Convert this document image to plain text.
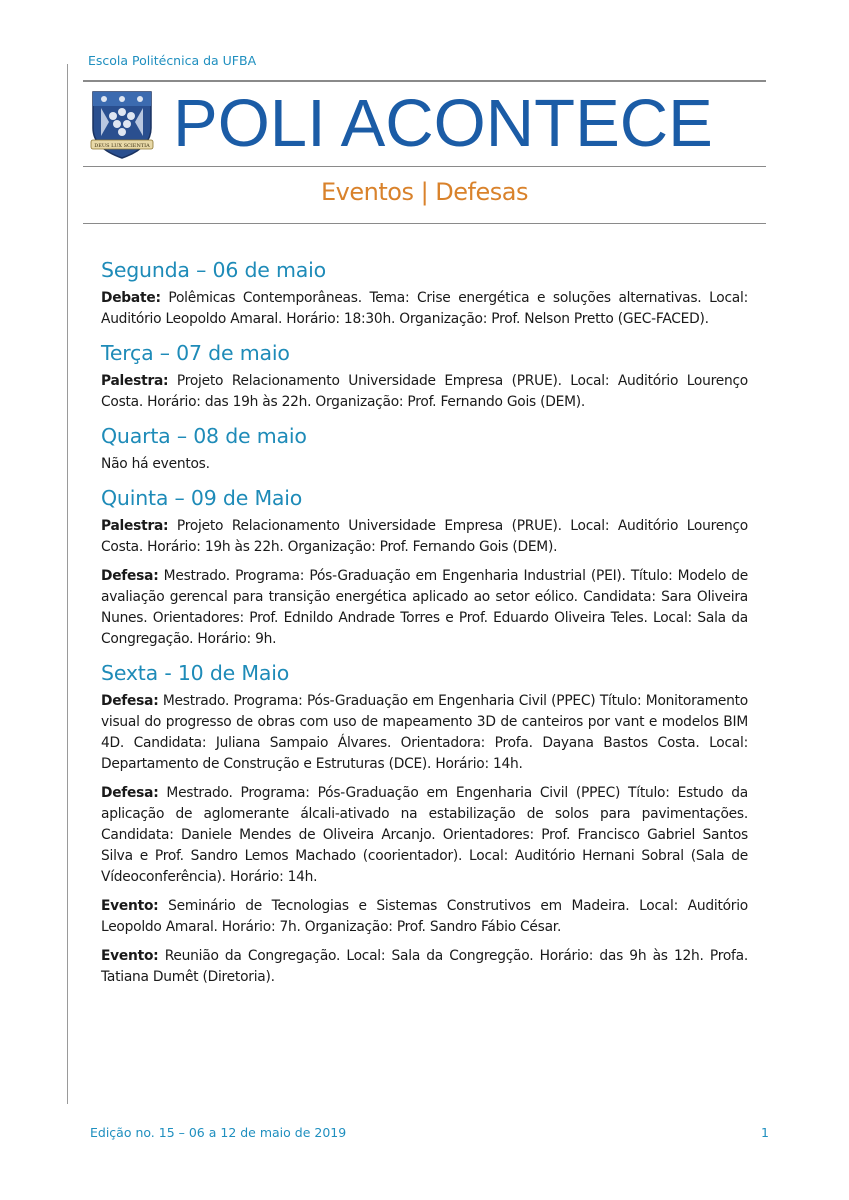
Escola Politécnica da UFBA
DEUS LUX SCIENTIA POLI ACONTECE
Eventos | Defesas
Segunda – 06 de maio

Debate: Polêmicas Contemporâneas. Tema: Crise energética e soluções alternativas. Local: Auditório Leopoldo Amaral. Horário: 18:30h. Organização: Prof. Nelson Pretto (GEC-FACED).

Terça – 07 de maio

Palestra: Projeto Relacionamento Universidade Empresa (PRUE). Local: Auditório Lourenço Costa. Horário: das 19h às 22h. Organização: Prof. Fernando Gois (DEM).

Quarta – 08 de maio

Não há eventos.

Quinta – 09 de Maio

Palestra: Projeto Relacionamento Universidade Empresa (PRUE). Local: Auditório Lourenço Costa. Horário: 19h às 22h. Organização: Prof. Fernando Gois (DEM).

Defesa: Mestrado. Programa: Pós-Graduação em Engenharia Industrial (PEI). Título: Modelo de avaliação gerencal para transição energética aplicado ao setor eólico. Candidata: Sara Oliveira Nunes. Orientadores: Prof. Ednildo Andrade Torres e Prof. Eduardo Oliveira Teles. Local: Sala da Congregação. Horário: 9h.

Sexta - 10 de Maio

Defesa: Mestrado. Programa: Pós-Graduação em Engenharia Civil (PPEC) Título: Monitoramento visual do progresso de obras com uso de mapeamento 3D de canteiros por vant e modelos BIM 4D. Candidata: Juliana Sampaio Álvares. Orientadora: Profa. Dayana Bastos Costa. Local: Departamento de Construção e Estruturas (DCE). Horário: 14h.

Defesa: Mestrado. Programa: Pós-Graduação em Engenharia Civil (PPEC) Título: Estudo da aplicação de aglomerante álcali-ativado na estabilização de solos para pavimentações. Candidata: Daniele Mendes de Oliveira Arcanjo. Orientadores: Prof. Francisco Gabriel Santos Silva e Prof. Sandro Lemos Machado (coorientador). Local: Auditório Hernani Sobral (Sala de Vídeoconferência). Horário: 14h.

Evento: Seminário de Tecnologias e Sistemas Construtivos em Madeira. Local: Auditório Leopoldo Amaral. Horário: 7h. Organização: Prof. Sandro Fábio César.

Evento: Reunião da Congregação. Local: Sala da Congregção. Horário: das 9h às 12h. Profa. Tatiana Dumêt (Diretoria).

Edição no. 15 – 06 a 12 de maio de 2019	1
